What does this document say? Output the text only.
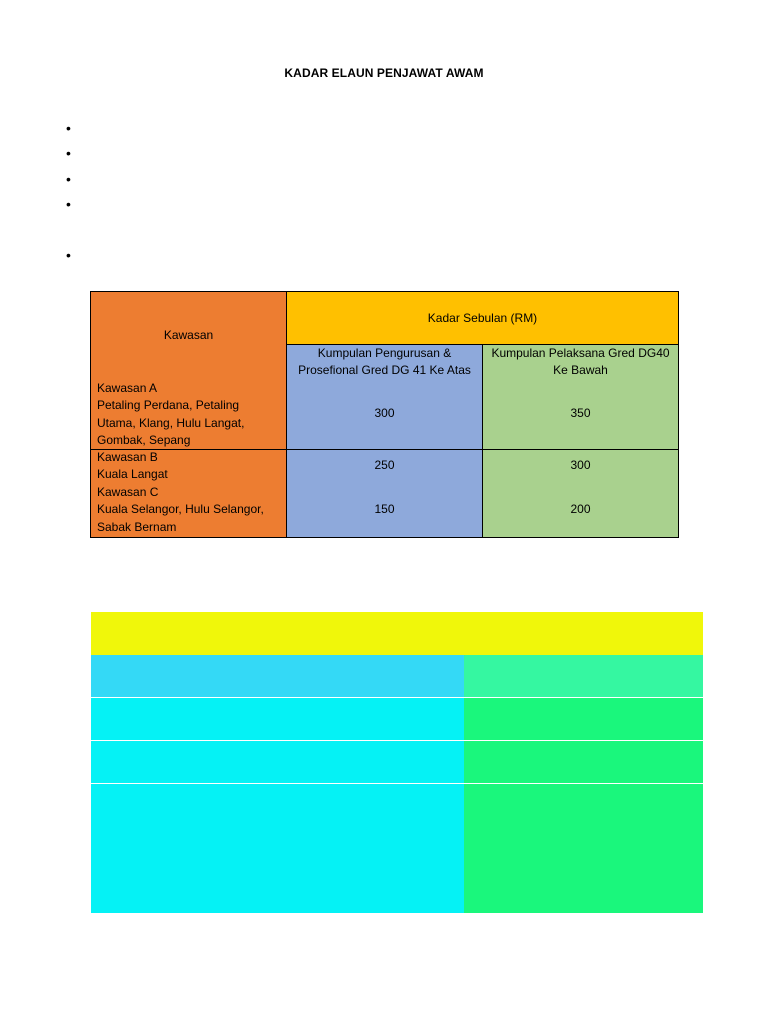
KADAR ELAUN PENJAWAT AWAM
•
•
•
•
•
Kawasan
Kawasan A
Petaling Perdana, Petaling Utama, Klang, Hulu Langat, Gombak, Sepang
Kawasan B
Kuala Langat
Kawasan C
Kuala Selangor, Hulu Selangor, Sabak Bernam
Kadar Sebulan (RM)
Kumpulan Pengurusan & Prosefional Gred DG 41 Ke Atas
300
250
150
Kumpulan Pelaksana Gred DG40 Ke Bawah
350
300
200
